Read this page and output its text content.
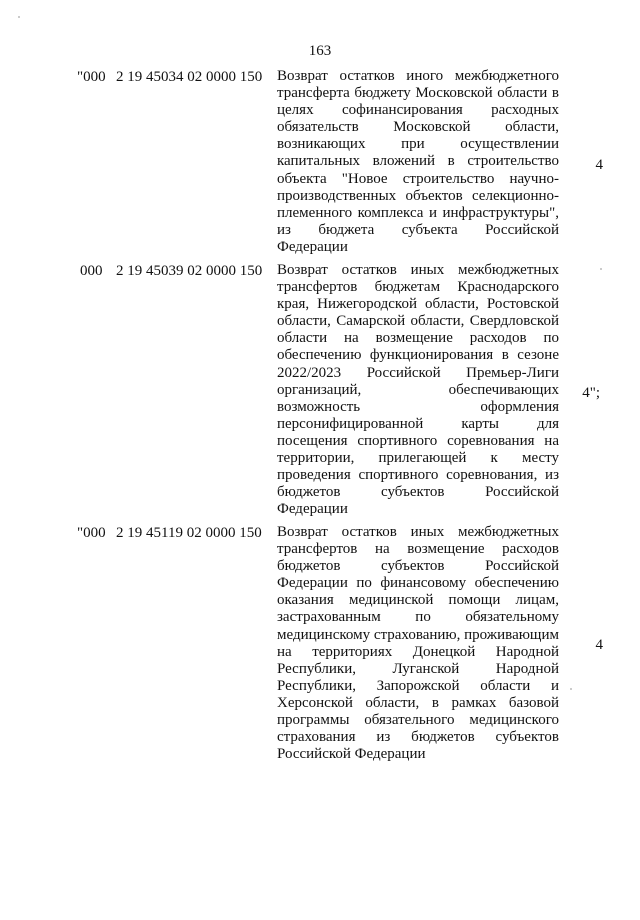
163
"000 2 19 45034 02 0000 150 Возврат остатков иного межбюджетного
трансферта бюджету Московской области в
целях софинансирования расходных
обязательств Московской области,
возникающих при осуществлении
капитальных вложений в строительство
объекта "Новое строительство научно-
производственных объектов селекционно-
племенного комплекса и инфраструктуры",
из бюджета субъекта Российской
Федерации
4
000 2 19 45039 02 0000 150 Возврат остатков иных межбюджетных
трансфертов бюджетам Краснодарского
края, Нижегородской области, Ростовской
области, Самарской области, Свердловской
области на возмещение расходов по
обеспечению функционирования в сезоне
2022/2023 Российской Премьер-Лиги
организаций, обеспечивающих
возможность оформления
персонифицированной карты для
посещения спортивного соревнования на
территории, прилегающей к месту
проведения спортивного соревнования, из
бюджетов субъектов Российской
Федерации
4";
"000 2 19 45119 02 0000 150 Возврат остатков иных межбюджетных
трансфертов на возмещение расходов
бюджетов субъектов Российской
Федерации по финансовому обеспечению
оказания медицинской помощи лицам,
застрахованным по обязательному
медицинскому страхованию, проживающим
на территориях Донецкой Народной
Республики, Луганской Народной
Республики, Запорожской области и
Херсонской области, в рамках базовой
программы обязательного медицинского
страхования из бюджетов субъектов
Российской Федерации
4
